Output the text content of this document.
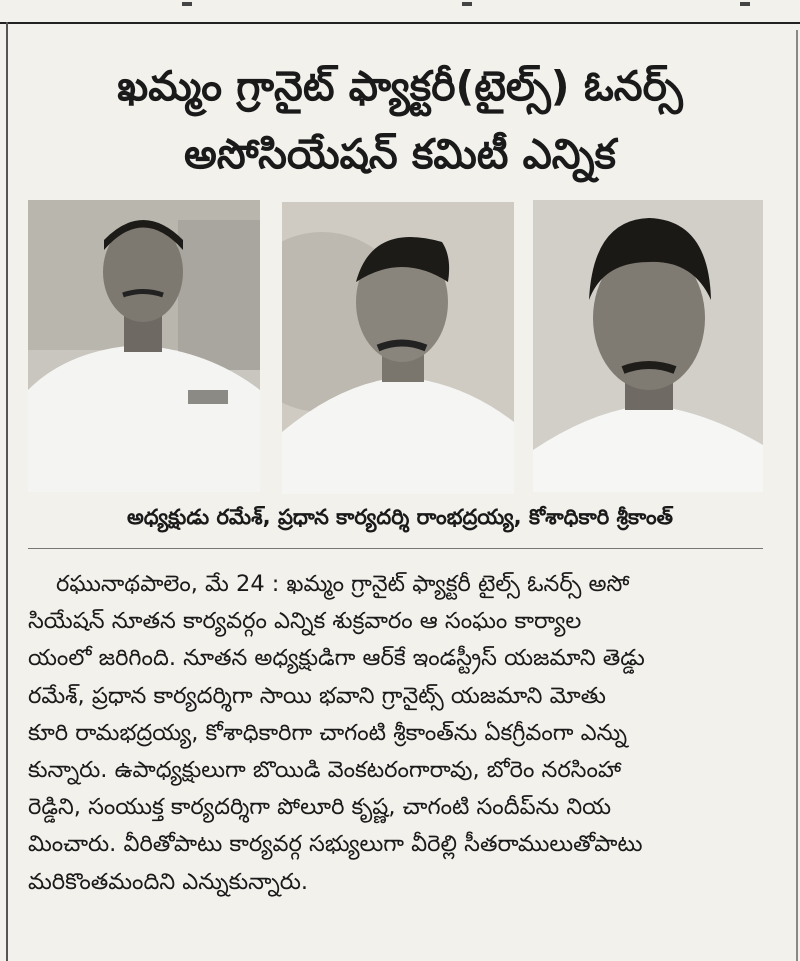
ఖమ్మం గ్రానైట్ ఫ్యాక్టరీ(టైల్స్) ఓనర్స్
అసోసియేషన్ కమిటీ ఎన్నిక
అధ్యక్షుడు రమేశ్, ప్రధాన కార్యదర్శి రాంభద్రయ్య, కోశాధికారి శ్రీకాంత్
రఘునాథపాలెం, మే 24 : ఖమ్మం గ్రానైట్ ఫ్యాక్టరీ టైల్స్ ఓనర్స్ అసో
సియేషన్ నూతన కార్యవర్గం ఎన్నిక శుక్రవారం ఆ సంఘం కార్యాల
యంలో జరిగింది. నూతన అధ్యక్షుడిగా ఆర్‌కే ఇండస్ట్రీస్ యజమాని తెడ్డు
రమేశ్, ప్రధాన కార్యదర్శిగా సాయి భవాని గ్రానైట్స్ యజమాని మోతు
కూరి రామభద్రయ్య, కోశాధికారిగా చాగంటి శ్రీకాంత్‌ను ఏకగ్రీవంగా ఎన్ను
కున్నారు. ఉపాధ్యక్షులుగా బొయిడి వెంకటరంగారావు, బోరెం నరసింహా
రెడ్డిని, సంయుక్త కార్యదర్శిగా పోలూరి కృష్ణ, చాగంటి సందీప్‌ను నియ
మించారు. వీరితోపాటు కార్యవర్గ సభ్యులుగా వీరెల్లి సీతరాములుతోపాటు
మరికొంతమందిని ఎన్నుకున్నారు.
